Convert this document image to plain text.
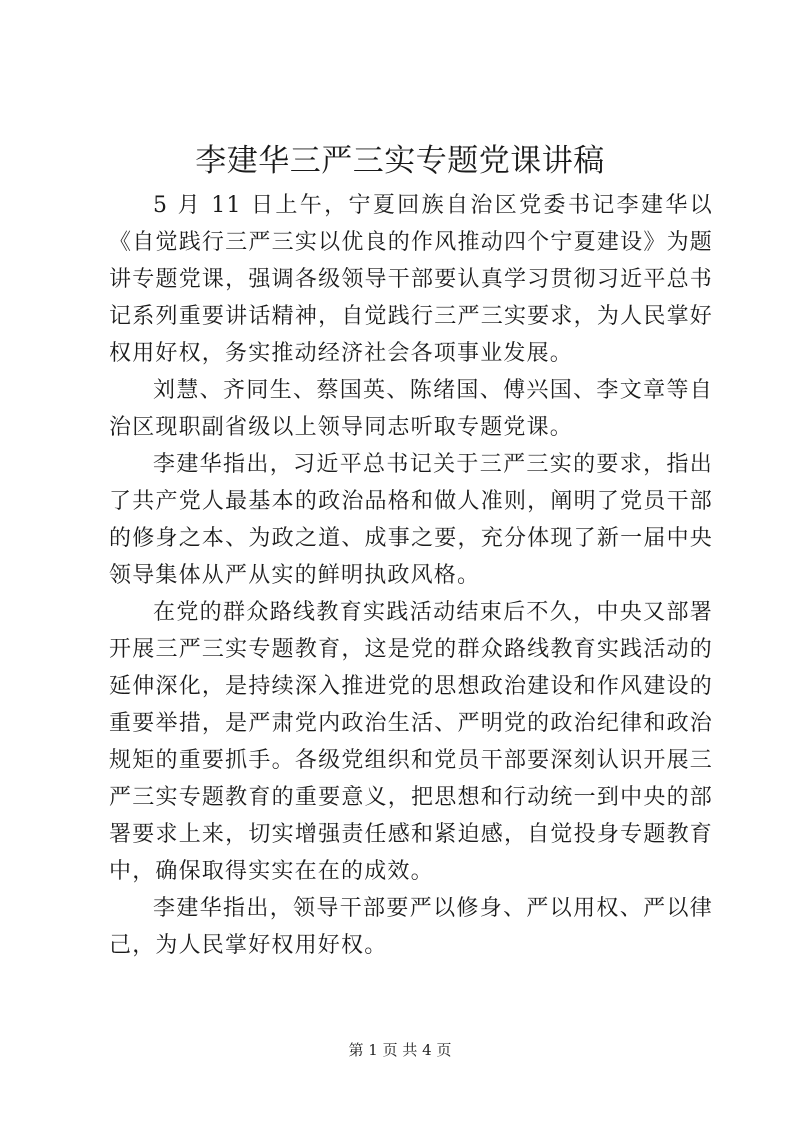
李建华三严三实专题党课讲稿

5 月 11 日上午，宁夏回族自治区党委书记李建华以《自觉践行三严三实以优良的作风推动四个宁夏建设》为题讲专题党课，强调各级领导干部要认真学习贯彻习近平总书记系列重要讲话精神，自觉践行三严三实要求，为人民掌好权用好权，务实推动经济社会各项事业发展。

刘慧、齐同生、蔡国英、陈绪国、傅兴国、李文章等自治区现职副省级以上领导同志听取专题党课。

李建华指出，习近平总书记关于三严三实的要求，指出了共产党人最基本的政治品格和做人准则，阐明了党员干部的修身之本、为政之道、成事之要，充分体现了新一届中央领导集体从严从实的鲜明执政风格。

在党的群众路线教育实践活动结束后不久，中央又部署开展三严三实专题教育，这是党的群众路线教育实践活动的延伸深化，是持续深入推进党的思想政治建设和作风建设的重要举措，是严肃党内政治生活、严明党的政治纪律和政治规矩的重要抓手。各级党组织和党员干部要深刻认识开展三严三实专题教育的重要意义，把思想和行动统一到中央的部署要求上来，切实增强责任感和紧迫感，自觉投身专题教育中，确保取得实实在在的成效。

李建华指出，领导干部要严以修身、严以用权、严以律己，为人民掌好权用好权。

第 1 页 共 4 页
